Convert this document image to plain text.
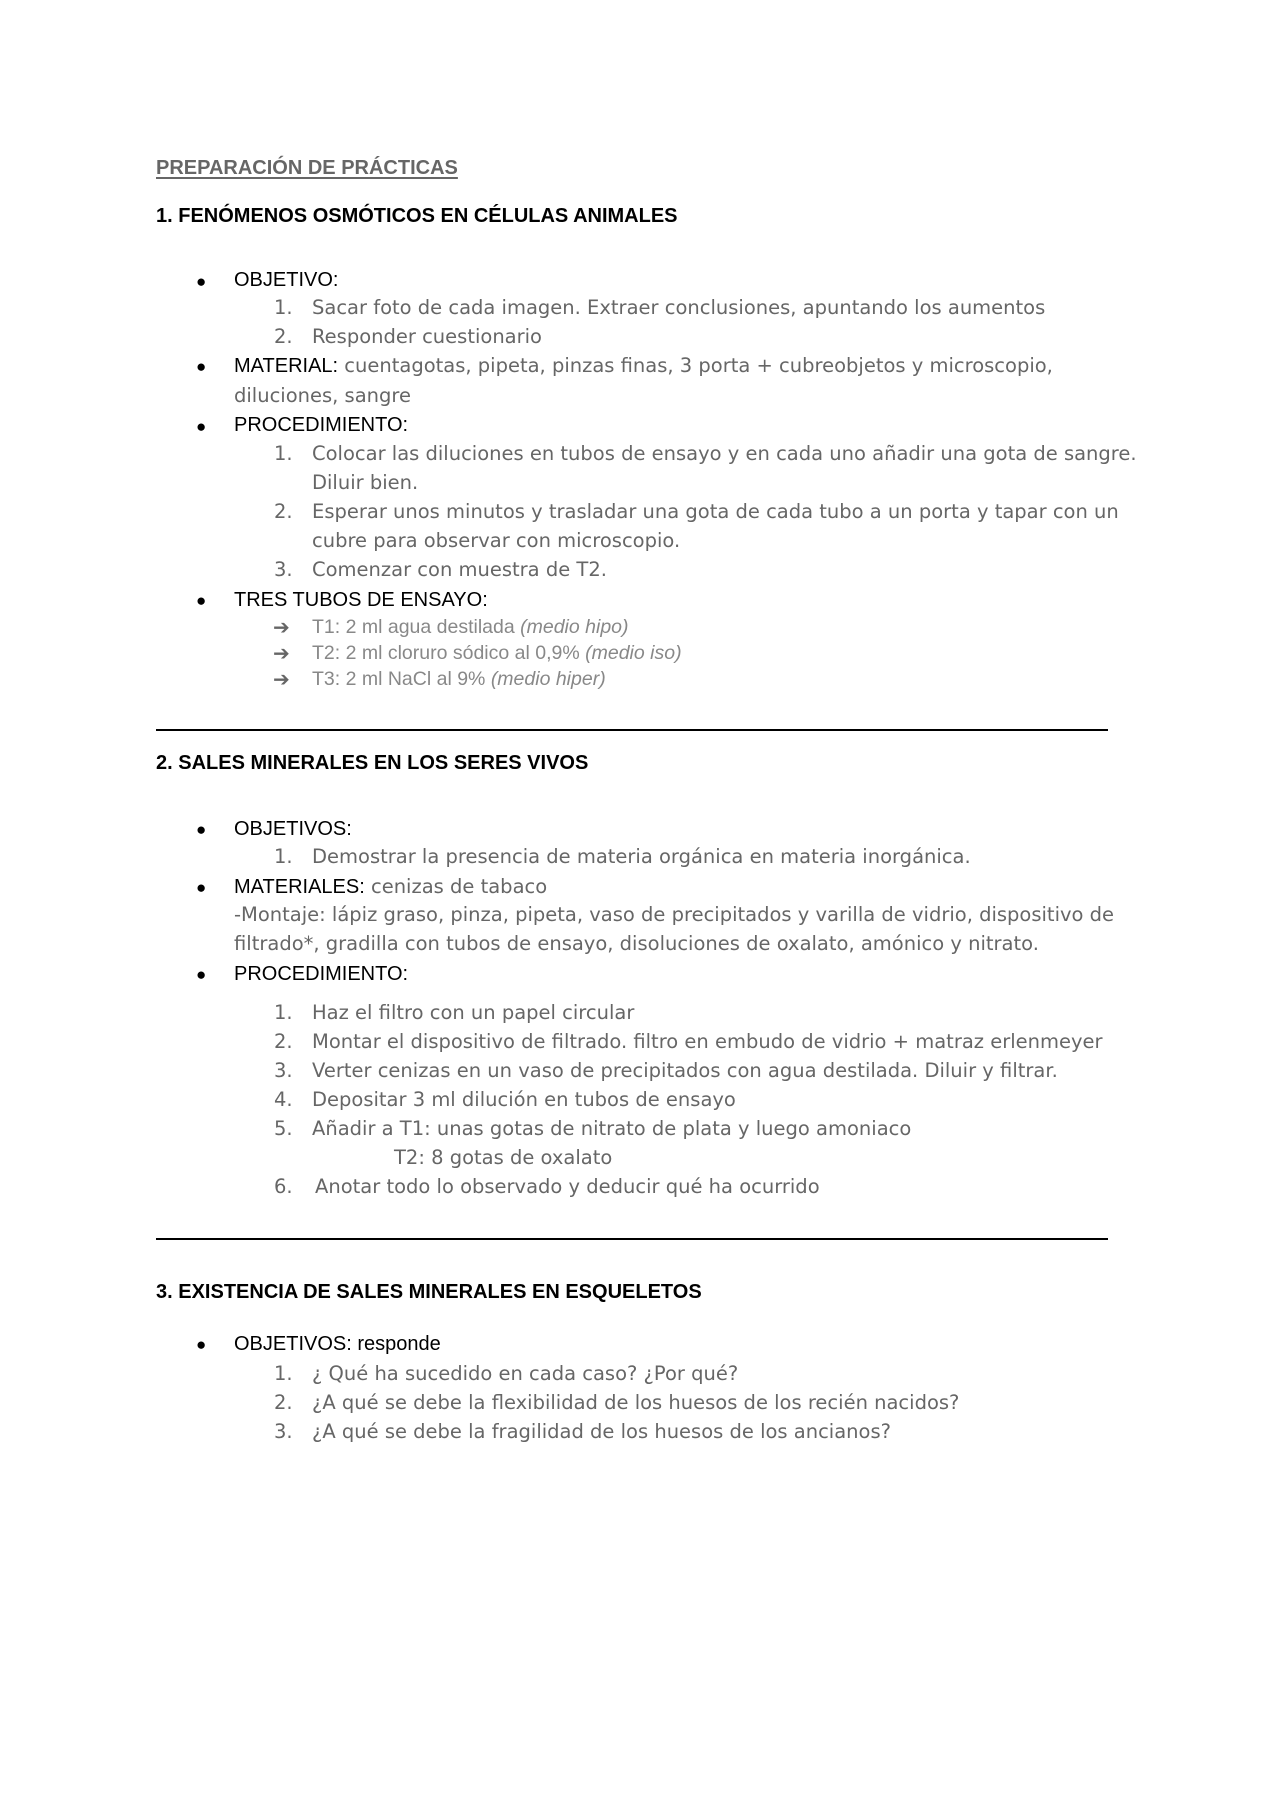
PREPARACIÓN DE PRÁCTICAS
1. FENÓMENOS OSMÓTICOS EN CÉLULAS ANIMALES
● OBJETIVO:
1. Sacar foto de cada imagen. Extraer conclusiones, apuntando los aumentos
2. Responder cuestionario
● MATERIAL: cuentagotas, pipeta, pinzas finas, 3 porta + cubreobjetos y microscopio,
diluciones, sangre
● PROCEDIMIENTO:
1. Colocar las diluciones en tubos de ensayo y en cada uno añadir una gota de sangre.
Diluir bien.
2. Esperar unos minutos y trasladar una gota de cada tubo a un porta y tapar con un
cubre para observar con microscopio.
3. Comenzar con muestra de T2.
● TRES TUBOS DE ENSAYO:
➔ T1: 2 ml agua destilada (medio hipo)
➔ T2: 2 ml cloruro sódico al 0,9% (medio iso)
➔ T3: 2 ml NaCl al 9% (medio hiper)
2. SALES MINERALES EN LOS SERES VIVOS
● OBJETIVOS:
1. Demostrar la presencia de materia orgánica en materia inorgánica.
● MATERIALES: cenizas de tabaco
-Montaje: lápiz graso, pinza, pipeta, vaso de precipitados y varilla de vidrio, dispositivo de
filtrado*, gradilla con tubos de ensayo, disoluciones de oxalato, amónico y nitrato.
● PROCEDIMIENTO:
1. Haz el filtro con un papel circular
2. Montar el dispositivo de filtrado. filtro en embudo de vidrio + matraz erlenmeyer
3. Verter cenizas en un vaso de precipitados con agua destilada. Diluir y filtrar.
4. Depositar 3 ml dilución en tubos de ensayo
5. Añadir a T1: unas gotas de nitrato de plata y luego amoniaco
T2: 8 gotas de oxalato
6. Anotar todo lo observado y deducir qué ha ocurrido
3. EXISTENCIA DE SALES MINERALES EN ESQUELETOS
● OBJETIVOS: responde
1. ¿ Qué ha sucedido en cada caso? ¿Por qué?
2. ¿A qué se debe la flexibilidad de los huesos de los recién nacidos?
3. ¿A qué se debe la fragilidad de los huesos de los ancianos?
